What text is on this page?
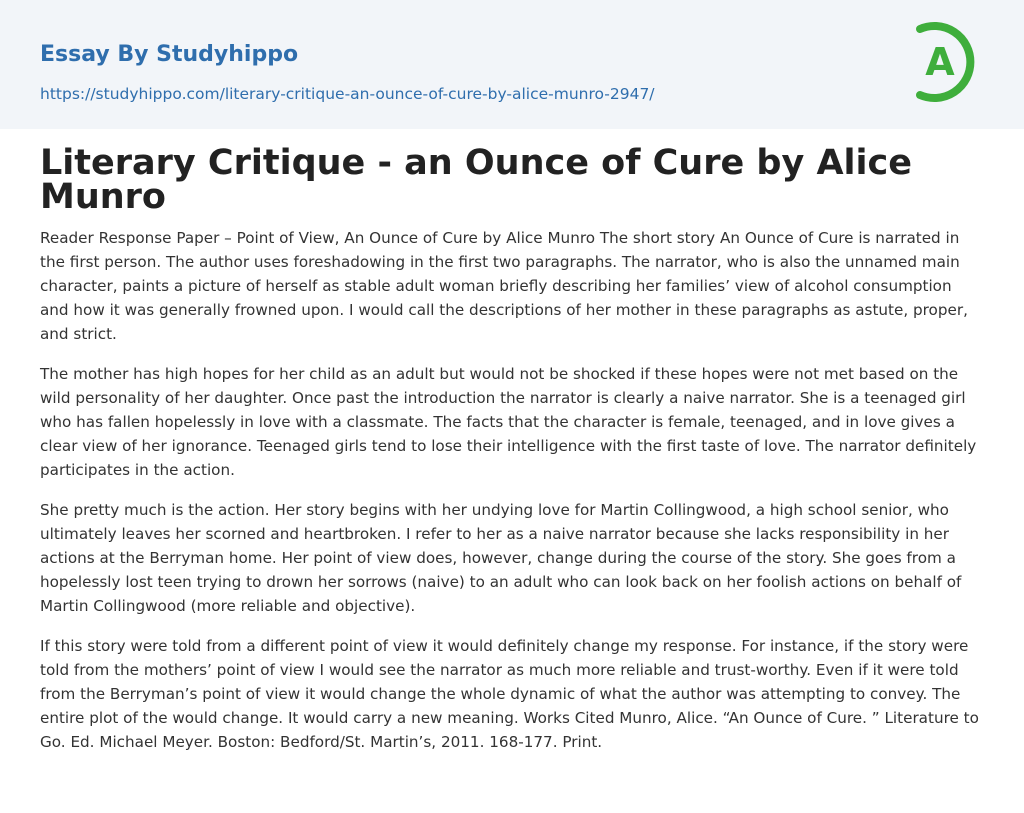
Essay By Studyhippo
https://studyhippo.com/literary-critique-an-ounce-of-cure-by-alice-munro-2947/
A
Literary Critique - an Ounce of Cure by Alice Munro

Reader Response Paper – Point of View, An Ounce of Cure by Alice Munro The short story An Ounce of Cure is narrated in the first person. The author uses foreshadowing in the first two paragraphs. The narrator, who is also the unnamed main character, paints a picture of herself as stable adult woman briefly describing her families’ view of alcohol consumption and how it was generally frowned upon. I would call the descriptions of her mother in these paragraphs as astute, proper, and strict.

The mother has high hopes for her child as an adult but would not be shocked if these hopes were not met based on the wild personality of her daughter. Once past the introduction the narrator is clearly a naive narrator. She is a teenaged girl who has fallen hopelessly in love with a classmate. The facts that the character is female, teenaged, and in love gives a clear view of her ignorance. Teenaged girls tend to lose their intelligence with the first taste of love. The narrator definitely participates in the action.

She pretty much is the action. Her story begins with her undying love for Martin Collingwood, a high school senior, who ultimately leaves her scorned and heartbroken. I refer to her as a naive narrator because she lacks responsibility in her actions at the Berryman home. Her point of view does, however, change during the course of the story. She goes from a hopelessly lost teen trying to drown her sorrows (naive) to an adult who can look back on her foolish actions on behalf of Martin Collingwood (more reliable and objective).

If this story were told from a different point of view it would definitely change my response. For instance, if the story were told from the mothers’ point of view I would see the narrator as much more reliable and trust-worthy. Even if it were told from the Berryman’s point of view it would change the whole dynamic of what the author was attempting to convey. The entire plot of the would change. It would carry a new meaning. Works Cited Munro, Alice. “An Ounce of Cure. ” Literature to Go. Ed. Michael Meyer. Boston: Bedford/St. Martin’s, 2011. 168-177. Print.
